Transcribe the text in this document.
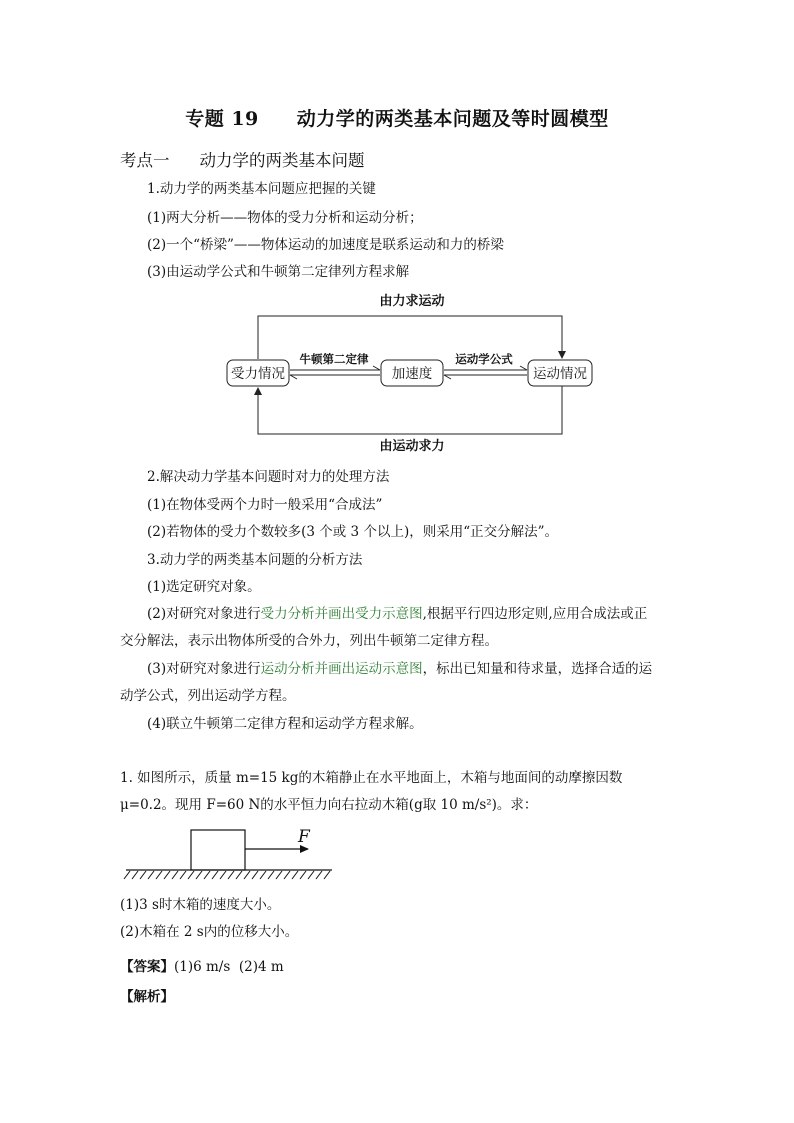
专题 19 动力学的两类基本问题及等时圆模型
考点一 动力学的两类基本问题
1.动力学的两类基本问题应把握的关键
(1)两大分析——物体的受力分析和运动分析；
(2)一个“桥梁”——物体运动的加速度是联系运动和力的桥梁
(3)由运动学公式和牛顿第二定律列方程求解
由力求运动
由运动求力
受力情况	加速度	运动情况
牛顿第二定律	运动学公式
2.解决动力学基本问题时对力的处理方法
(1)在物体受两个力时一般采用“合成法”
(2)若物体的受力个数较多(3 个或 3 个以上)，则采用“正交分解法”。
3.动力学的两类基本问题的分析方法
(1)选定研究对象。
(2)对研究对象进行受力分析并画出受力示意图,根据平行四边形定则,应用合成法或正
交分解法，表示出物体所受的合外力，列出牛顿第二定律方程。
(3)对研究对象进行运动分析并画出运动示意图，标出已知量和待求量，选择合适的运
动学公式，列出运动学方程。
(4)联立牛顿第二定律方程和运动学方程求解。
1. 如图所示，质量 m=15 kg的木箱静止在水平地面上，木箱与地面间的动摩擦因数
μ=0.2。现用 F=60 N的水平恒力向右拉动木箱(g取 10 m/s²)。求：
F
(1)3 s时木箱的速度大小。
(2)木箱在 2 s内的位移大小。
【答案】(1)6 m/s  (2)4 m
【解析】
